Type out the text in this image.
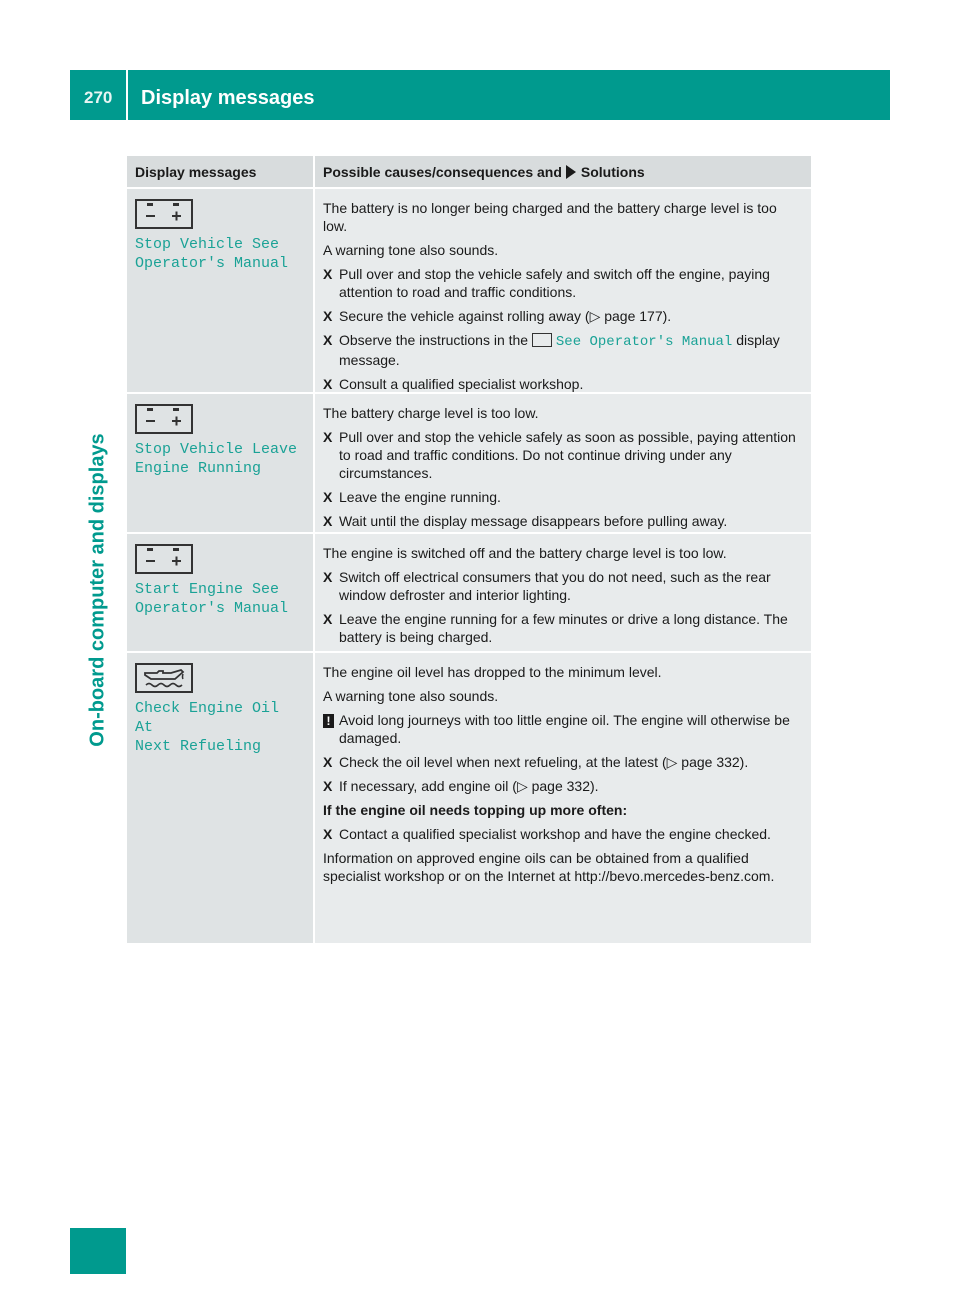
270 Display messages
On-board computer and displays
Display messages	Possible causes/consequences and Solutions
Stop Vehicle See
Operator's Manual
The battery is no longer being charged and the battery charge level is too low.
A warning tone also sounds.
X Pull over and stop the vehicle safely and switch off the engine, paying attention to road and traffic conditions.
X Secure the vehicle against rolling away (▷ page 177).
X Observe the instructions in the See Operator's Manual display message.
X Consult a qualified specialist workshop.
Stop Vehicle Leave
Engine Running
The battery charge level is too low.
X Pull over and stop the vehicle safely as soon as possible, paying attention to road and traffic conditions. Do not continue driving under any circumstances.
X Leave the engine running.
X Wait until the display message disappears before pulling away.
Start Engine See
Operator's Manual
The engine is switched off and the battery charge level is too low.
X Switch off electrical consumers that you do not need, such as the rear window defroster and interior lighting.
X Leave the engine running for a few minutes or drive a long distance. The battery is being charged.
Check Engine Oil At
Next Refueling
The engine oil level has dropped to the minimum level.
A warning tone also sounds.
! Avoid long journeys with too little engine oil. The engine will otherwise be damaged.
X Check the oil level when next refueling, at the latest (▷ page 332).
X If necessary, add engine oil (▷ page 332).
If the engine oil needs topping up more often:
X Contact a qualified specialist workshop and have the engine checked.
Information on approved engine oils can be obtained from a qualified specialist workshop or on the Internet at http://bevo.mercedes-benz.com.
